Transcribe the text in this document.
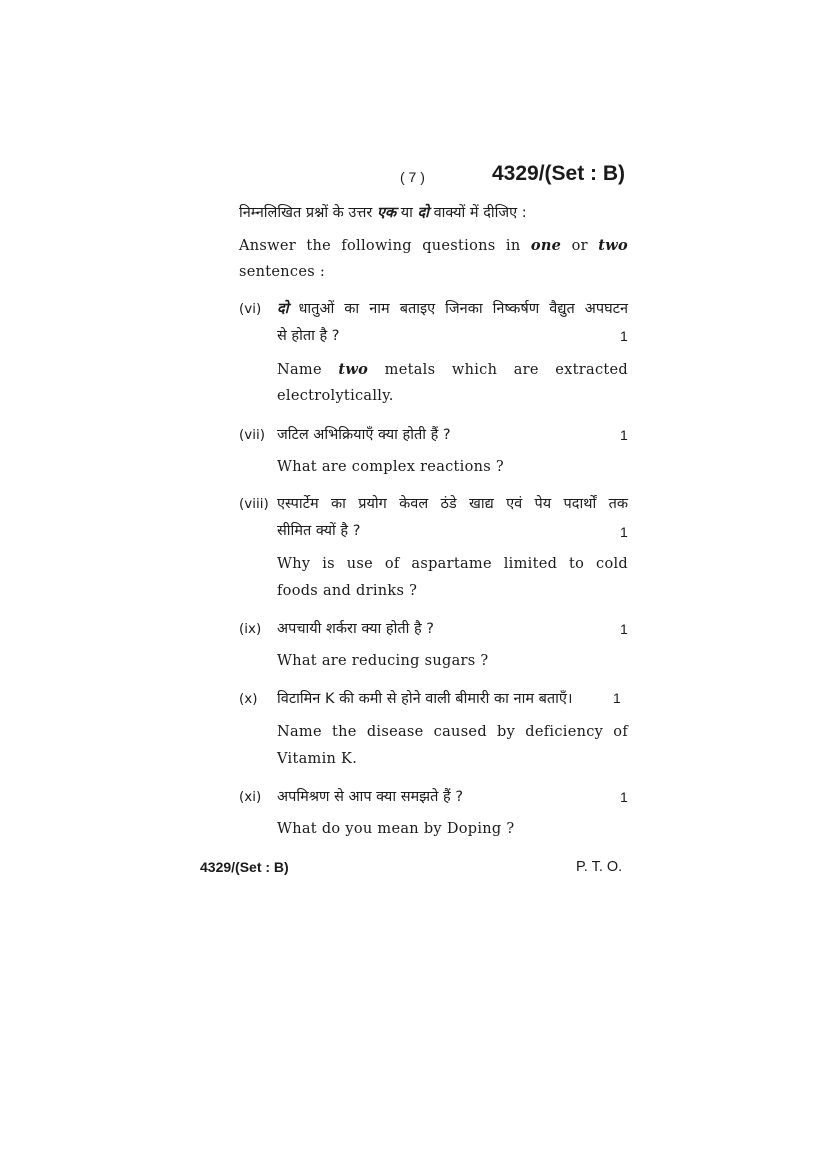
( 7 )	4329/(Set : B)
निम्नलिखित प्रश्नों के उत्तर एक या दो वाक्यों में दीजिए :
Answer the following questions in one or two
sentences :
(vi) दो धातुओं का नाम बताइए जिनका निष्कर्षण वैद्युत अपघटन
से होता है ?	1
Name two metals which are extracted
electrolytically.
(vii) जटिल अभिक्रियाएँ क्या होती हैं ?	1
What are complex reactions ?
(viii) एस्पार्टेम का प्रयोग केवल ठंडे खाद्य एवं पेय पदार्थों तक
सीमित क्यों है ?	1
Why is use of aspartame limited to cold
foods and drinks ?
(ix) अपचायी शर्करा क्या होती है ?	1
What are reducing sugars ?
(x) विटामिन K की कमी से होने वाली बीमारी का नाम बताएँ।	1
Name the disease caused by deficiency of
Vitamin K.
(xi) अपमिश्रण से आप क्या समझते हैं ?	1
What do you mean by Doping ?
4329/(Set : B)	P. T. O.
